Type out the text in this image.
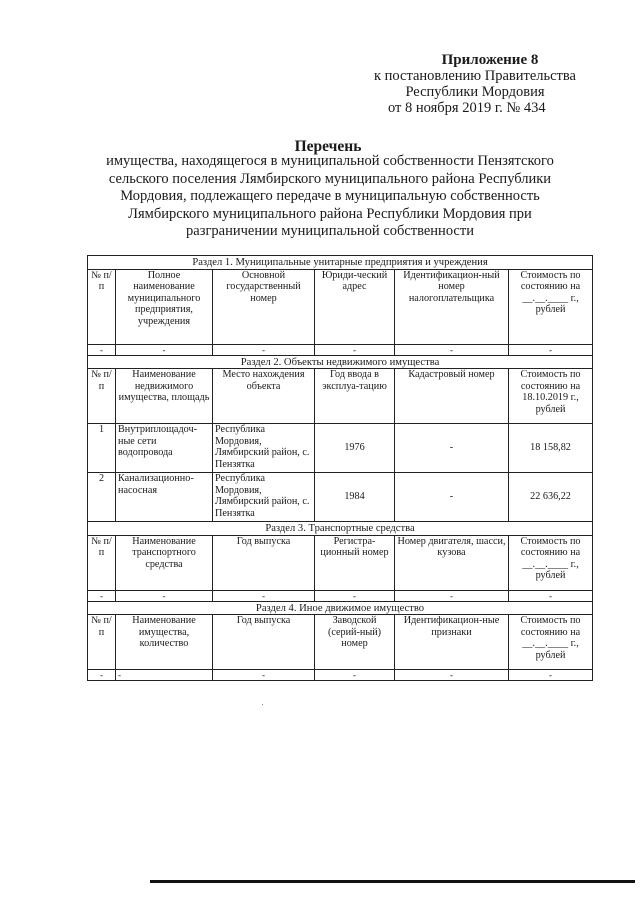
Приложение 8
к постановлению Правительства
Республики Мордовия
от 8 ноября 2019 г. № 434
Перечень
имущества, находящегося в муниципальной собственности Пензятского сельского поселения Лямбирского муниципального района Республики Мордовия, подлежащего передаче в муниципальную собственность Лямбирского муниципального района Республики Мордовия при разграничении муниципальной собственности
Раздел 1. Муниципальные унитарные предприятия и учреждения					
№ п/п	Полное наименование муниципального предприятия, учреждения	Основной государственный номер	Юриди-ческий адрес	Идентификацион-ный номер налогоплательщика	Стоимость по состоянию на __.__.____ г., рублей
-	-	-	-	-	-
Раздел 2. Объекты недвижимого имущества					
№ п/п	Наименование недвижимого имущества, площадь	Место нахождения объекта	Год ввода в эксплуа-тацию	Кадастровый номер	Стоимость по состоянию на 18.10.2019 г., рублей
1	Внутриплощадоч-ные сети водопровода	Республика Мордовия, Лямбирский район, с. Пензятка	1976	-	18 158,82
2	Канализационно-насосная	Республика Мордовия, Лямбирский район, с. Пензятка	1984	-	22 636,22
Раздел 3. Транспортные средства					
№ п/п	Наименование транспортного средства	Год выпуска	Регистра-ционный номер	Номер двигателя, шасси, кузова	Стоимость по состоянию на __.__.____ г., рублей
-	-	-	-	-	-
Раздел 4. Иное движимое имущество					
№ п/п	Наименование имущества, количество	Год выпуска	Заводской (серий-ный) номер	Идентификацион-ные признаки	Стоимость по состоянию на __.__.____ г., рублей
-	-	-	-	-	-
